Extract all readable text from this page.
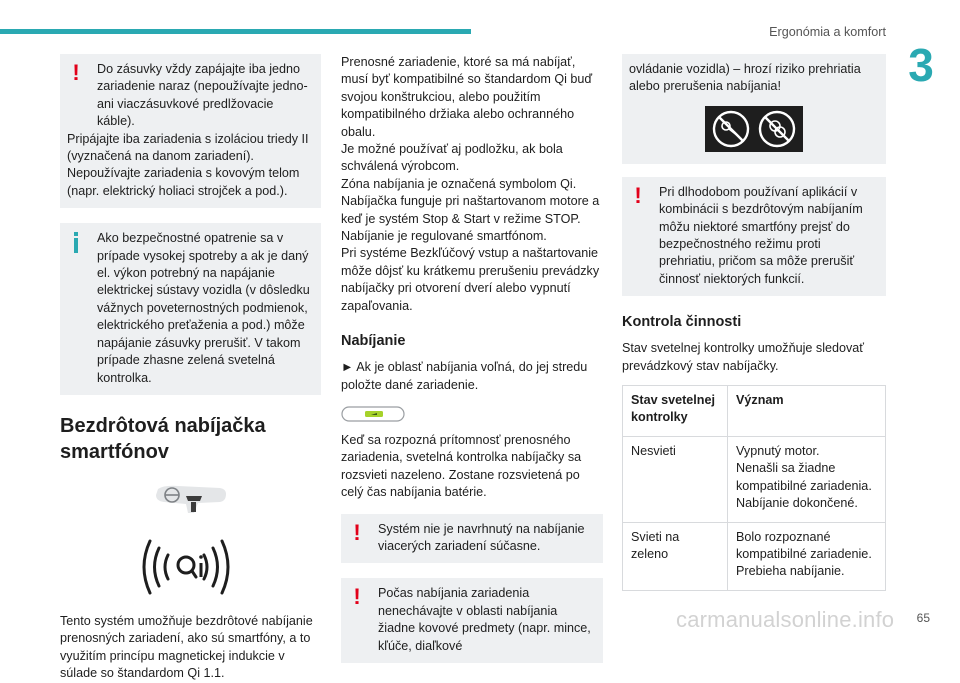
Ergonómia a komfort
3
!	Do zásuvky vždy zapájajte iba jedno zariadenie naraz (nepoužívajte jedno- ani viaczásuvkové predlžovacie káble).

Pripájajte iba zariadenia s izoláciou triedy II (vyznačená na danom zariadení).

Nepoužívajte zariadenia s kovovým telom (napr. elektrický holiaci strojček a pod.).

Ako bezpečnostné opatrenie sa v prípade vysokej spotreby a ak je daný el. výkon potrebný na napájanie elektrickej sústavy vozidla (v dôsledku vážnych poveternostných podmienok, elektrického preťaženia a pod.) môže napájanie zásuvky prerušiť. V takom prípade zhasne zelená svetelná kontrolka.

Bezdrôtová nabíjačka smartfónov

Tento systém umožňuje bezdrôtové nabíjanie prenosných zariadení, ako sú smartfóny, a to využitím princípu magnetickej indukcie v súlade so štandardom Qi 1.1.

Prenosné zariadenie, ktoré sa má nabíjať, musí byť kompatibilné so štandardom Qi buď svojou konštrukciou, alebo použitím kompatibilného držiaka alebo ochranného obalu.

Je možné používať aj podložku, ak bola schválená výrobcom.

Zóna nabíjania je označená symbolom Qi.

Nabíjačka funguje pri naštartovanom motore a keď je systém Stop & Start v režime STOP.

Nabíjanie je regulované smartfónom.

Pri systéme Bezkľúčový vstup a naštartovanie môže dôjsť ku krátkemu prerušeniu prevádzky nabíjačky pri otvorení dverí alebo vypnutí zapaľovania.

Nabíjanie

► Ak je oblasť nabíjania voľná, do jej stredu položte dané zariadenie.

Keď sa rozpozná prítomnosť prenosného zariadenia, svetelná kontrolka nabíjačky sa rozsvieti nazeleno. Zostane rozsvietená po celý čas nabíjania batérie.

!	Systém nie je navrhnutý na nabíjanie viacerých zariadení súčasne.

!	Počas nabíjania zariadenia nenechávajte v oblasti nabíjania žiadne kovové predmety (napr. mince, kľúče, diaľkové

ovládanie vozidla) – hrozí riziko prehriatia alebo prerušenia nabíjania!

!	Pri dlhodobom používaní aplikácií v kombinácii s bezdrôtovým nabíjaním môžu niektoré smartfóny prejsť do bezpečnostného režimu proti prehriatiu, pričom sa môže prerušiť činnosť niektorých funkcií.

Kontrola činnosti

Stav svetelnej kontrolky umožňuje sledovať prevádzkový stav nabíjačky.

Stav svetelnej kontrolky	Význam
Nesvieti	Vypnutý motor.
Nenašli sa žiadne kompatibilné zariadenia.
Nabíjanie dokončené.

Svieti na zeleno	Bolo rozpoznané kompatibilné zariadenie.
Prebieha nabíjanie.
carmanualsonline.info	65
